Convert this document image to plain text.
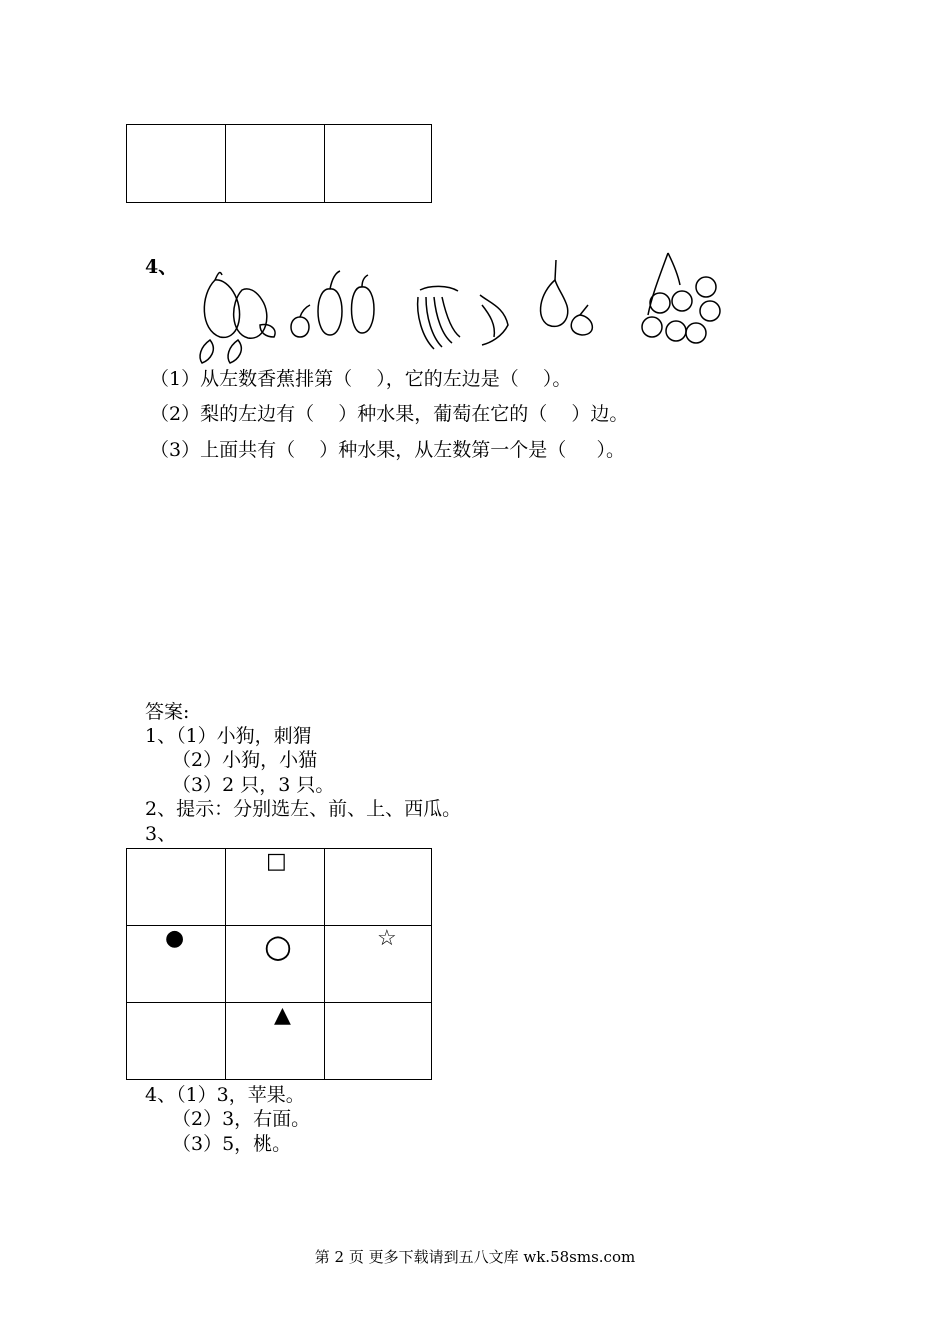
4、
（1）从左数香蕉排第（    ），它的左边是（    ）。
（2）梨的左边有（    ）种水果，葡萄在它的（    ）边。
（3）上面共有（    ）种水果，从左数第一个是（     ）。
答案:
1、（1）小狗，刺猬
（2）小狗，小猫
（3）2 只，3 只。
2、提示：分别选左、前、上、西瓜。
3、

	□	

●	○	☆

	▲	

4、（1）3，苹果。
（2）3，右面。
（3）5，桃。
第 2 页 更多下载请到五八文库 wk.58sms.com
